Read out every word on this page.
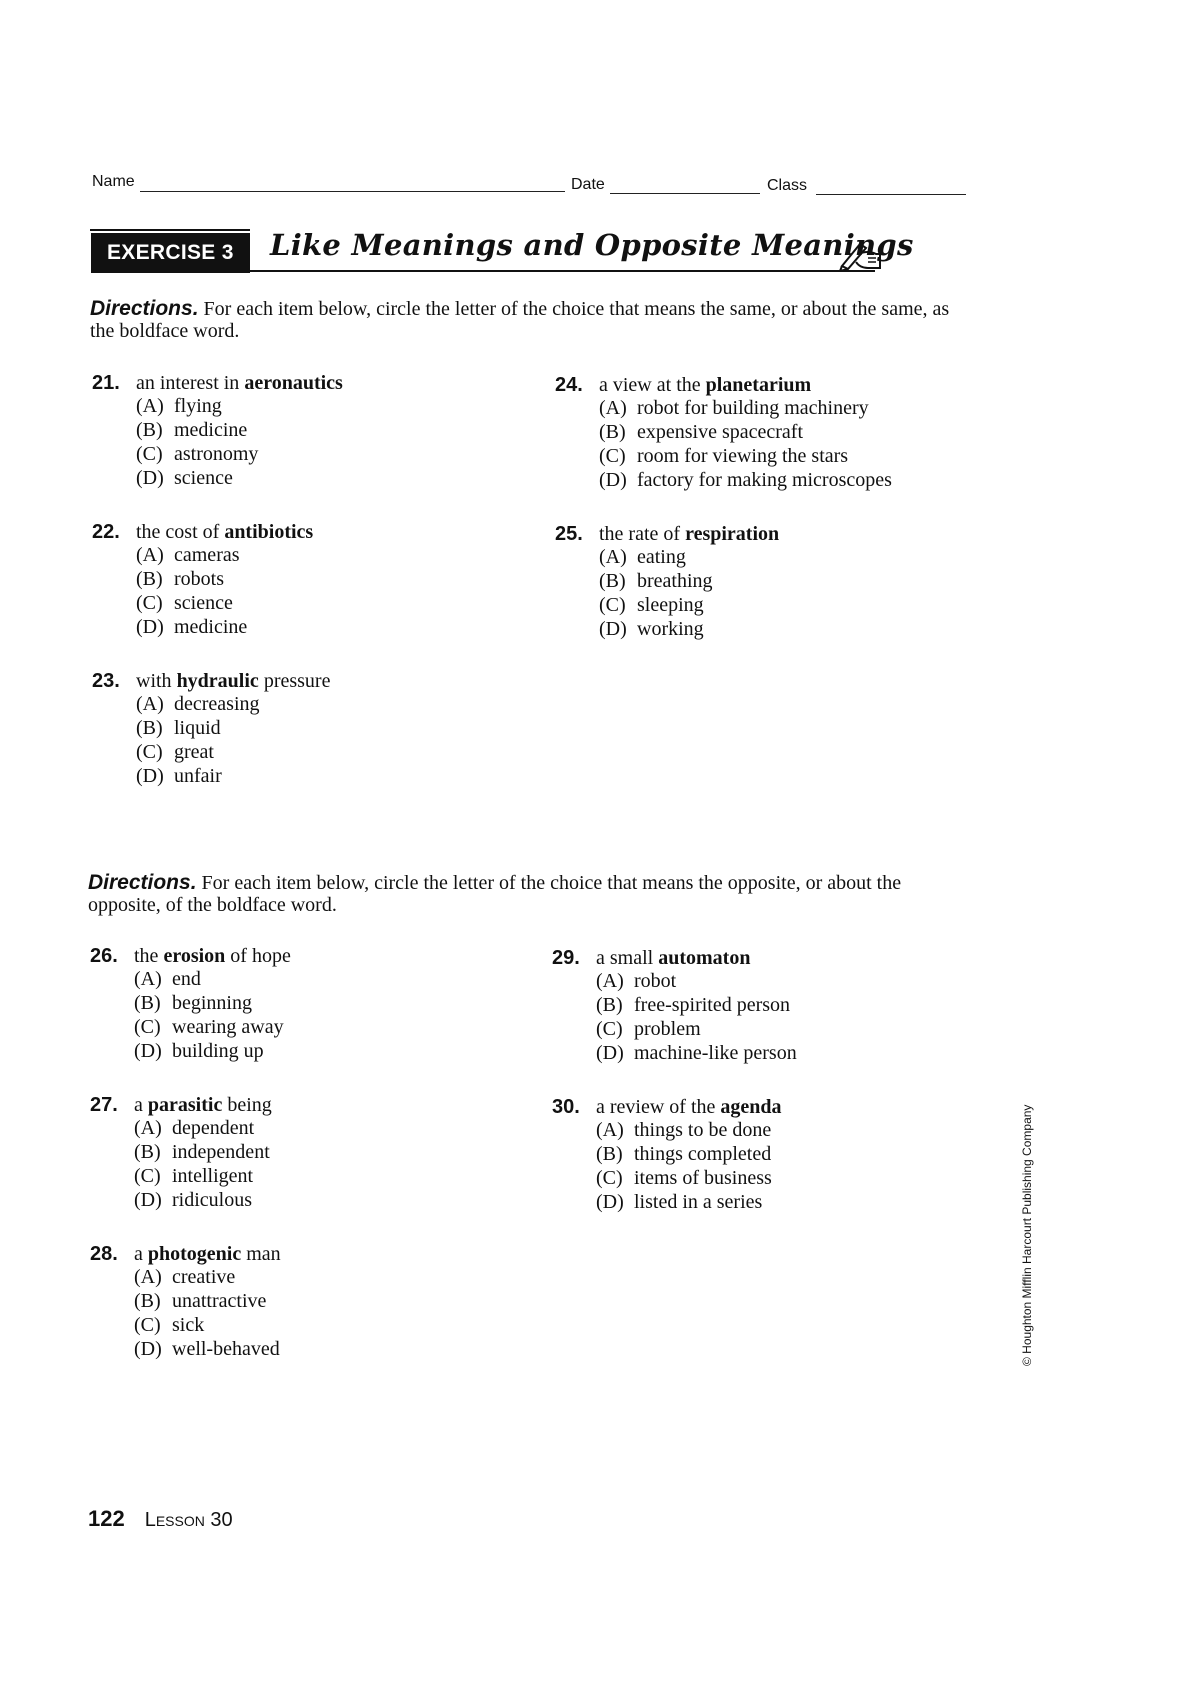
Name	Date	Class
EXERCISE 3	Like Meanings and Opposite Meanings
Directions. For each item below, circle the letter of the choice that means the same, or about the same, as the boldface word.
21. an interest in aeronautics
(A) flying
(B) medicine
(C) astronomy
(D) science
22. the cost of antibiotics
(A) cameras
(B) robots
(C) science
(D) medicine
23. with hydraulic pressure
(A) decreasing
(B) liquid
(C) great
(D) unfair
24. a view at the planetarium
(A) robot for building machinery
(B) expensive spacecraft
(C) room for viewing the stars
(D) factory for making microscopes
25. the rate of respiration
(A) eating
(B) breathing
(C) sleeping
(D) working
Directions. For each item below, circle the letter of the choice that means the opposite, or about the opposite, of the boldface word.
26. the erosion of hope
(A) end
(B) beginning
(C) wearing away
(D) building up
27. a parasitic being
(A) dependent
(B) independent
(C) intelligent
(D) ridiculous
28. a photogenic man
(A) creative
(B) unattractive
(C) sick
(D) well-behaved
29. a small automaton
(A) robot
(B) free-spirited person
(C) problem
(D) machine-like person
30. a review of the agenda
(A) things to be done
(B) things completed
(C) items of business
(D) listed in a series	© Houghton Mifflin Harcourt Publishing Company
122 Lesson 30
